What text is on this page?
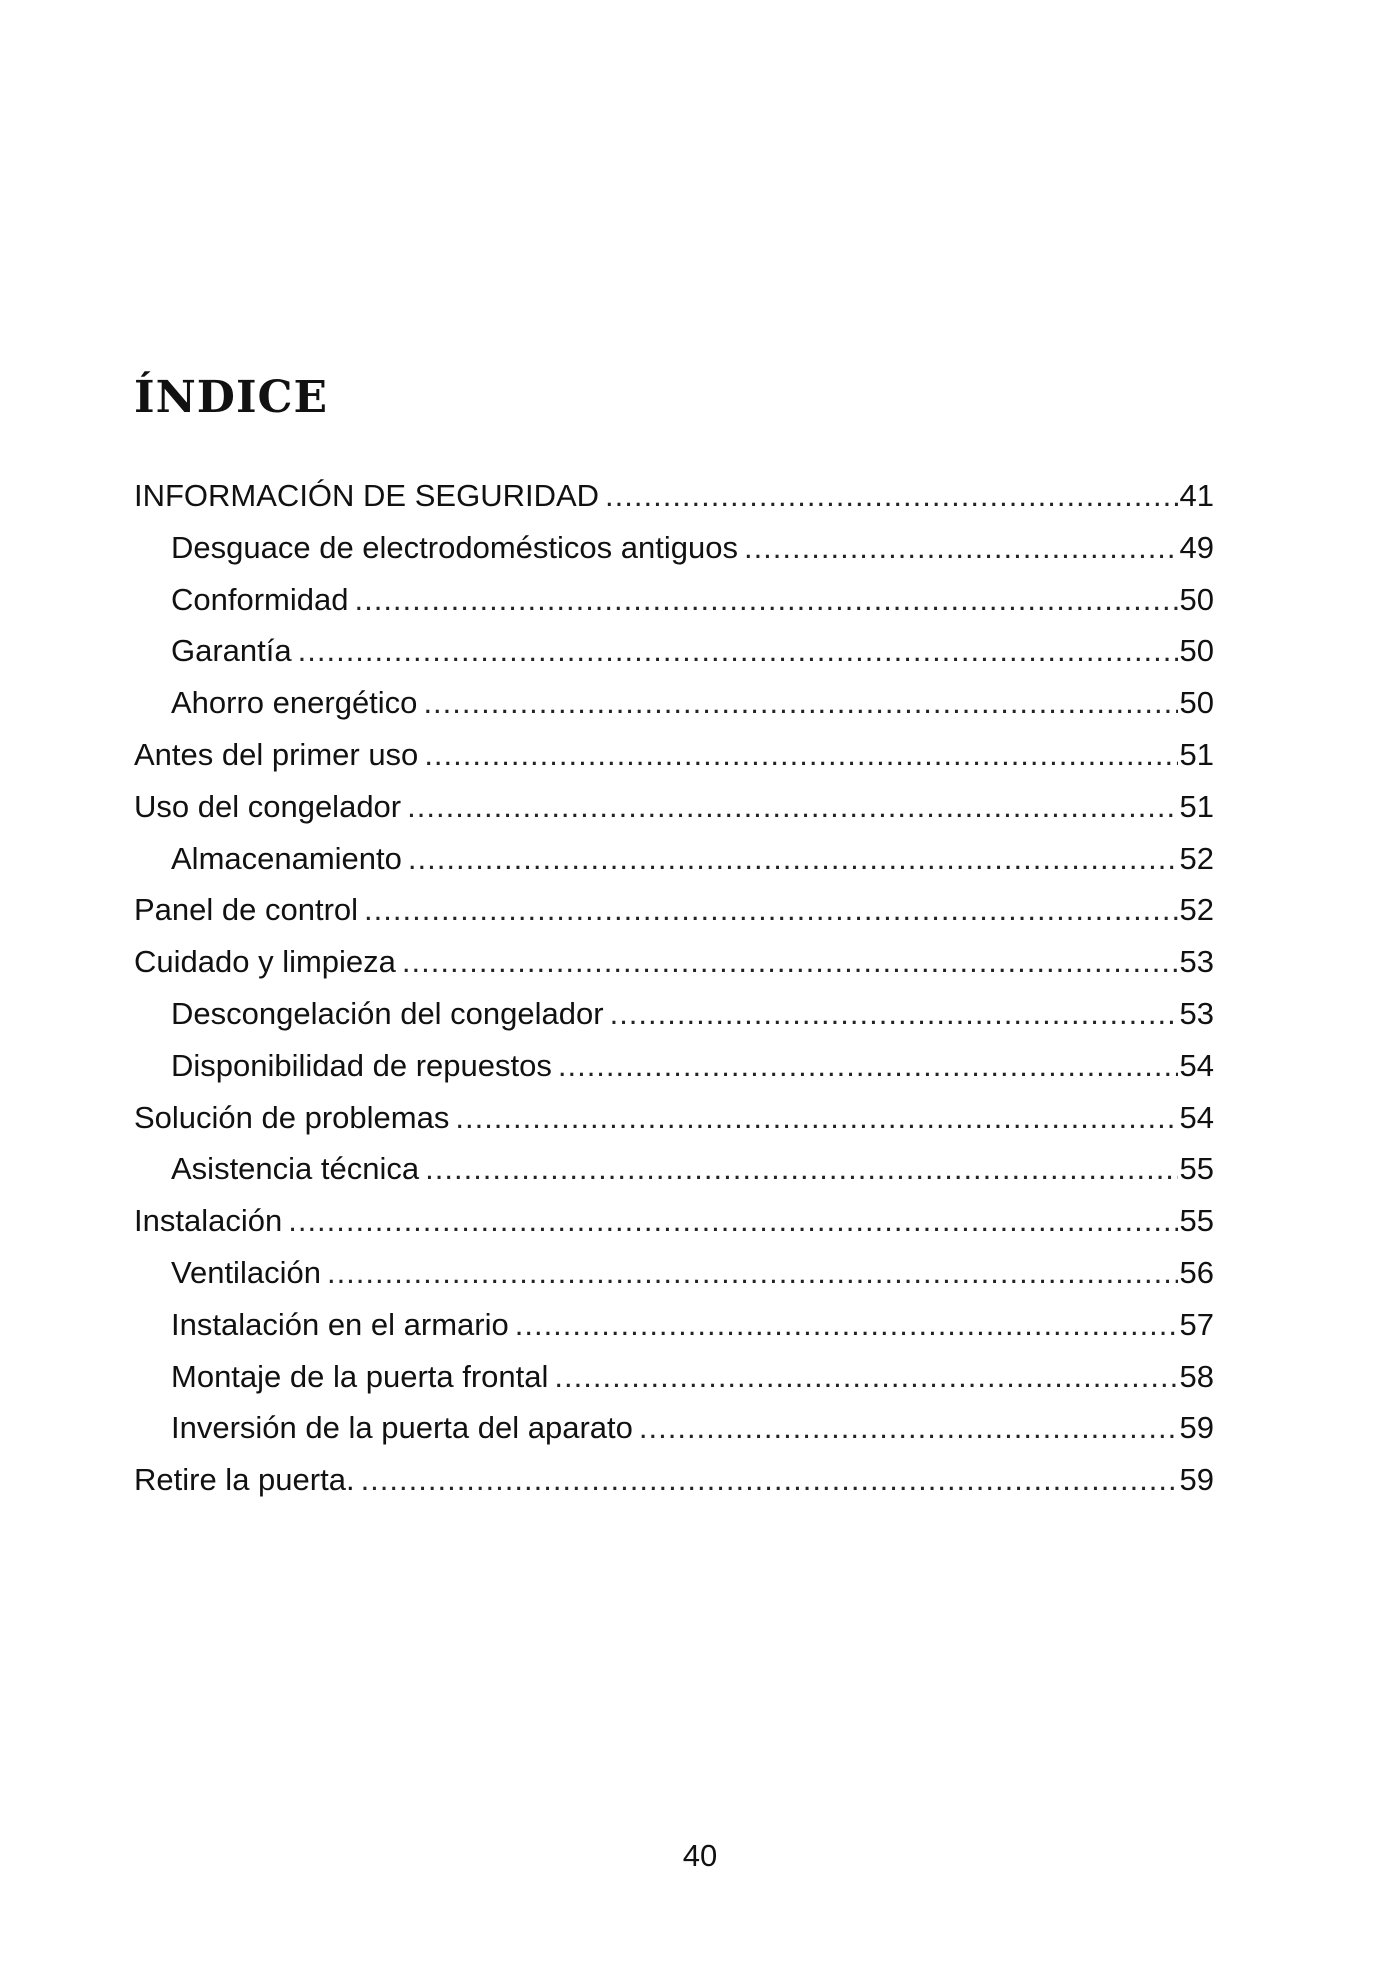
ÍNDICE
INFORMACIÓN DE SEGURIDAD .....	41
Desguace de electrodomésticos antiguos .....	49
Conformidad .....	50
Garantía .....	50
Ahorro energético .....	50
Antes del primer uso .....	51
Uso del congelador .....	51
Almacenamiento .....	52
Panel de control .....	52
Cuidado y limpieza .....	53
Descongelación del congelador .....	53
Disponibilidad de repuestos .....	54
Solución de problemas .....	54
Asistencia técnica .....	55
Instalación .....	55
Ventilación .....	56
Instalación en el armario .....	57
Montaje de la puerta frontal .....	58
Inversión de la puerta del aparato .....	59
Retire la puerta. .....	59
40
